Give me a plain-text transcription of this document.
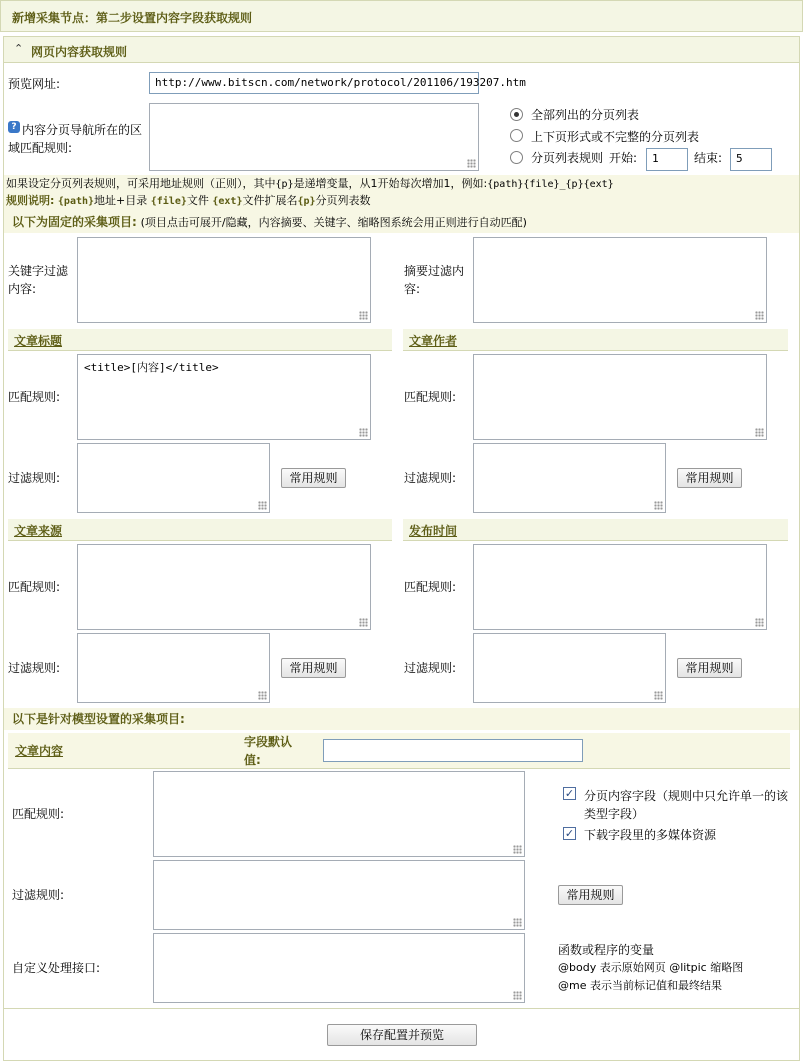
新增采集节点：第二步设置内容字段获取规则
⌃ 网页内容获取规则
预览网址:	http://www.bitscn.com/network/protocol/201106/193207.htm
? 内容分页导航所在的区域匹配规则:
全部列出的分页列表
上下页形式或不完整的分页列表
分页列表规则 开始:	1	结束:	5
如果设定分页列表规则，可采用地址规则（正则），其中{p}是递增变量，从1开始每次增加1，例如:{path}{file}_{p}{ext}
规则说明: {path}地址+目录 {file}文件 {ext}文件扩展名{p}分页列表数
以下为固定的采集项目: (项目点击可展开/隐藏，内容摘要、关键字、缩略图系统会用正则进行自动匹配)
关键字过滤内容:
摘要过滤内容:
文章标题
匹配规则:
<title>[内容]</title>
过滤规则:	常用规则
文章作者
匹配规则:
过滤规则:	常用规则
文章来源
匹配规则:
过滤规则:	常用规则
发布时间
匹配规则:
过滤规则:	常用规则
以下是针对模型设置的采集项目:
文章内容
字段默认值:
匹配规则:
✓ 分页内容字段（规则中只允许单一的该类型字段）
✓ 下载字段里的多媒体资源
过滤规则:	常用规则
自定义处理接口:
函数或程序的变量
@body 表示原始网页 @litpic 缩略图
@me 表示当前标记值和最终结果
保存配置并预览
